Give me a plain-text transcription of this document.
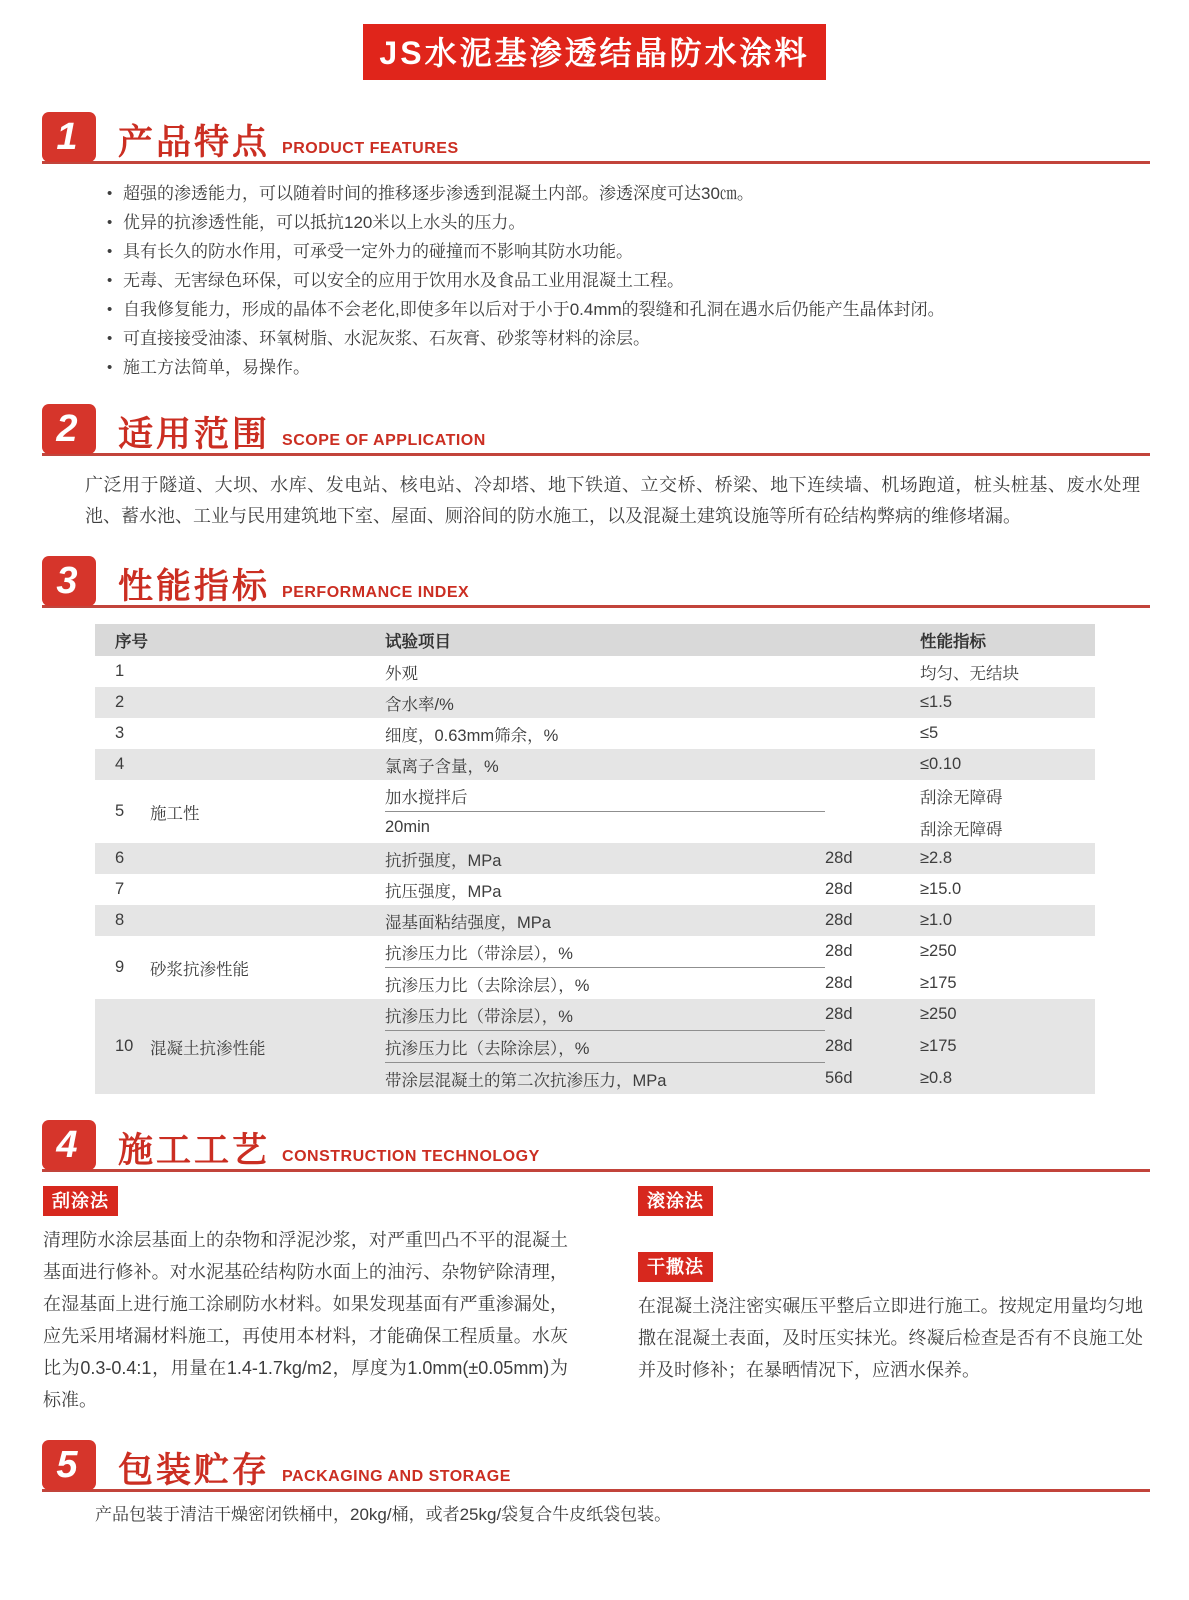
JS水泥基渗透结晶防水涂料
1	产品特点 PRODUCT FEATURES
• 超强的渗透能力，可以随着时间的推移逐步渗透到混凝土内部。渗透深度可达30㎝。
• 优异的抗渗透性能，可以抵抗120米以上水头的压力。
• 具有长久的防水作用，可承受一定外力的碰撞而不影响其防水功能。
• 无毒、无害绿色环保，可以安全的应用于饮用水及食品工业用混凝土工程。
• 自我修复能力，形成的晶体不会老化,即使多年以后对于小于0.4mm的裂缝和孔洞在遇水后仍能产生晶体封闭。
• 可直接接受油漆、环氧树脂、水泥灰浆、石灰膏、砂浆等材料的涂层。
• 施工方法简单，易操作。
2	适用范围 SCOPE OF APPLICATION

广泛用于隧道、大坝、水库、发电站、核电站、冷却塔、地下铁道、立交桥、桥梁、地下连续墙、机场跑道，桩头桩基、废水处理池、蓄水池、工业与民用建筑地下室、屋面、厕浴间的防水施工，以及混凝土建筑设施等所有砼结构弊病的维修堵漏。

3	性能指标 PERFORMANCE INDEX
序号	试验项目	性能指标
1	外观	均匀、无结块
2	含水率/%	≤1.5
3	细度，0.63mm筛余，%	≤5
4	氯离子含量，%	≤0.10
5	施工性
加水搅拌后	刮涂无障碍
20min	刮涂无障碍
6	抗折强度，MPa	28d	≥2.8
7	抗压强度，MPa	28d	≥15.0
8	湿基面粘结强度，MPa	28d	≥1.0
9	砂浆抗渗性能
抗渗压力比（带涂层），%	28d	≥250
抗渗压力比（去除涂层），%	28d	≥175
10	混凝土抗渗性能
抗渗压力比（带涂层），%	28d	≥250
抗渗压力比（去除涂层），%	28d	≥175
带涂层混凝土的第二次抗渗压力，MPa	56d	≥0.8
4	施工工艺 CONSTRUCTION TECHNOLOGY
刮涂法

清理防水涂层基面上的杂物和浮泥沙浆，对严重凹凸不平的混凝土基面进行修补。对水泥基砼结构防水面上的油污、杂物铲除清理，在湿基面上进行施工涂刷防水材料。如果发现基面有严重渗漏处，应先采用堵漏材料施工，再使用本材料，才能确保工程质量。水灰比为0.3-0.4:1，用量在1.4-1.7kg/m2，厚度为1.0mm(±0.05mm)为标准。

滚涂法
干撒法

在混凝土浇注密实碾压平整后立即进行施工。按规定用量均匀地撒在混凝土表面，及时压实抹光。终凝后检查是否有不良施工处并及时修补；在暴晒情况下，应洒水保养。

5	包装贮存 PACKAGING AND STORAGE

产品包装于清洁干燥密闭铁桶中，20kg/桶，或者25kg/袋复合牛皮纸袋包装。
